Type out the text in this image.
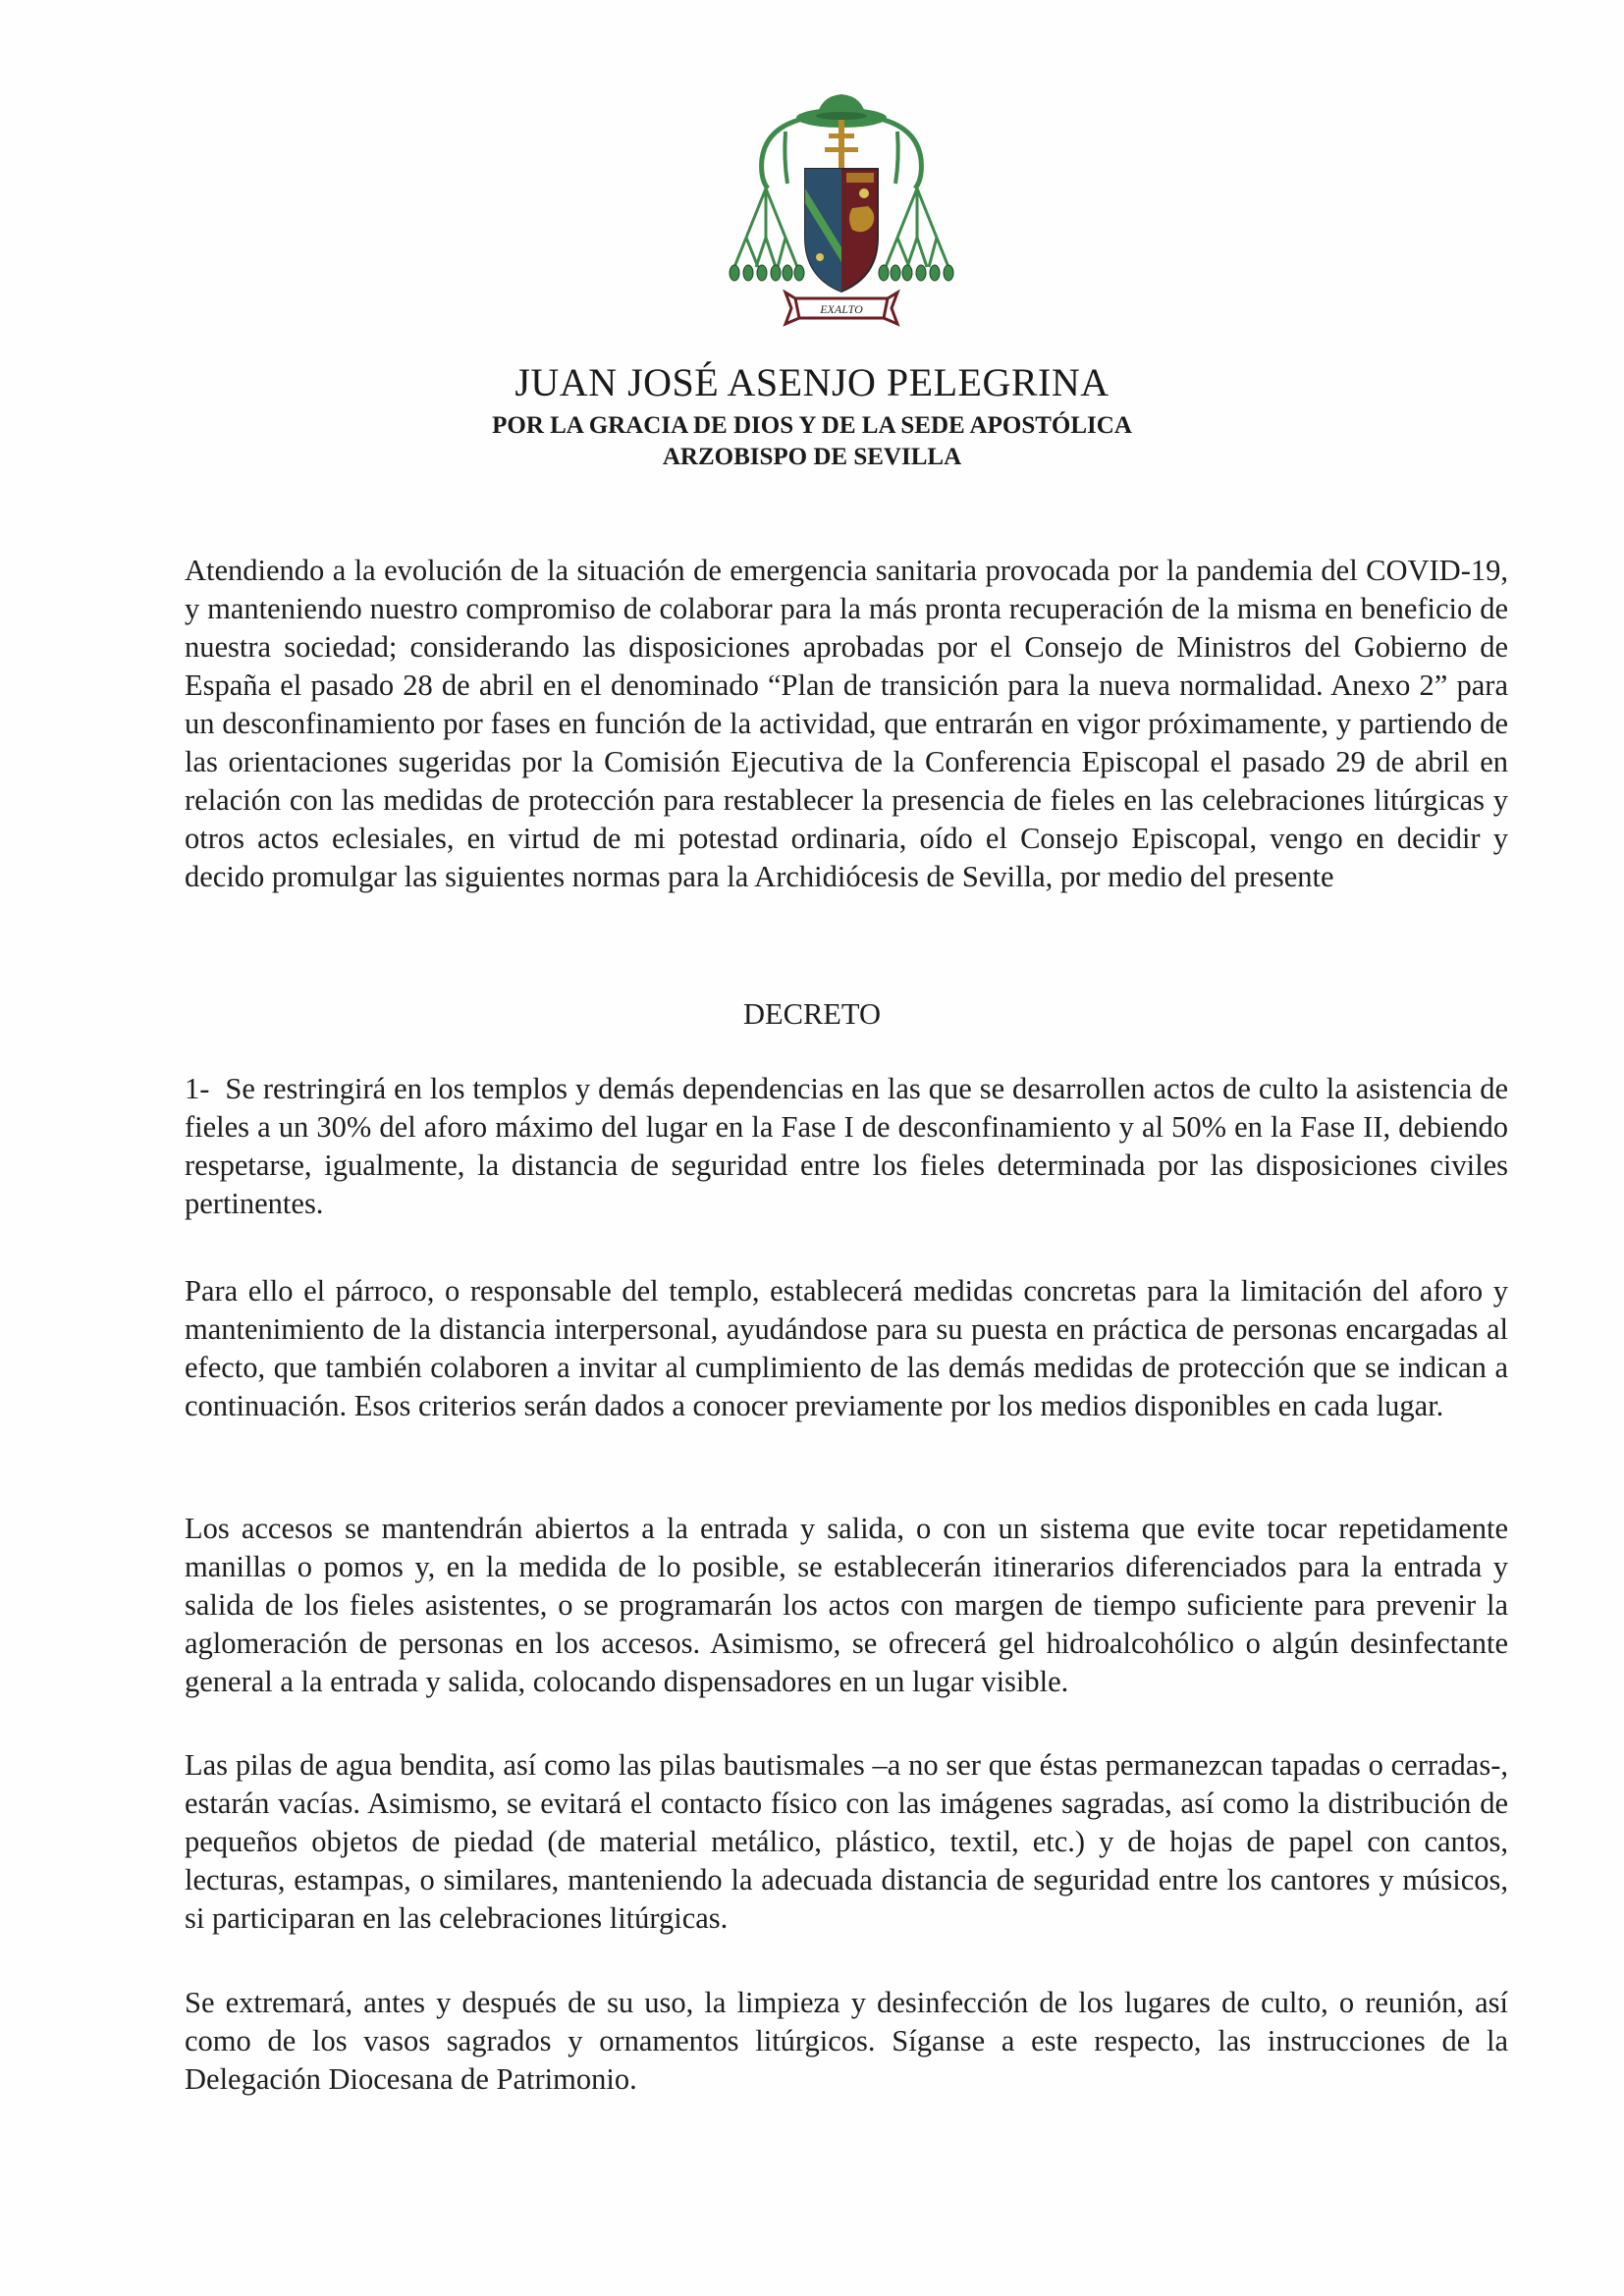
EXALTO
JUAN JOSÉ ASENJO PELEGRINA
POR LA GRACIA DE DIOS Y DE LA SEDE APOSTÓLICA
ARZOBISPO DE SEVILLA

Atendiendo a la evolución de la situación de emergencia sanitaria provocada por la pandemia del COVID-19, y manteniendo nuestro compromiso de colaborar para la más pronta recuperación de la misma en beneficio de nuestra sociedad; considerando las disposiciones aprobadas por el Consejo de Ministros del Gobierno de España el pasado 28 de abril en el denominado “Plan de transición para la nueva normalidad. Anexo 2” para un desconfinamiento por fases en función de la actividad, que entrarán en vigor próximamente, y partiendo de las orientaciones sugeridas por la Comisión Ejecutiva de la Conferencia Episcopal el pasado 29 de abril en relación con las medidas de protección para restablecer la presencia de fieles en las celebraciones litúrgicas y otros actos eclesiales, en virtud de mi potestad ordinaria, oído el Consejo Episcopal, vengo en decidir y decido promulgar las siguientes normas para la Archidiócesis de Sevilla, por medio del presente

DECRETO

1- Se restringirá en los templos y demás dependencias en las que se desarrollen actos de culto la asistencia de fieles a un 30% del aforo máximo del lugar en la Fase I de desconfinamiento y al 50% en la Fase II, debiendo respetarse, igualmente, la distancia de seguridad entre los fieles determinada por las disposiciones civiles pertinentes.

Para ello el párroco, o responsable del templo, establecerá medidas concretas para la limitación del aforo y mantenimiento de la distancia interpersonal, ayudándose para su puesta en práctica de personas encargadas al efecto, que también colaboren a invitar al cumplimiento de las demás medidas de protección que se indican a continuación. Esos criterios serán dados a conocer previamente por los medios disponibles en cada lugar.

Los accesos se mantendrán abiertos a la entrada y salida, o con un sistema que evite tocar repetidamente manillas o pomos y, en la medida de lo posible, se establecerán itinerarios diferenciados para la entrada y salida de los fieles asistentes, o se programarán los actos con margen de tiempo suficiente para prevenir la aglomeración de personas en los accesos. Asimismo, se ofrecerá gel hidroalcohólico o algún desinfectante general a la entrada y salida, colocando dispensadores en un lugar visible.

Las pilas de agua bendita, así como las pilas bautismales –a no ser que éstas permanezcan tapadas o cerradas-, estarán vacías. Asimismo, se evitará el contacto físico con las imágenes sagradas, así como la distribución de pequeños objetos de piedad (de material metálico, plástico, textil, etc.) y de hojas de papel con cantos, lecturas, estampas, o similares, manteniendo la adecuada distancia de seguridad entre los cantores y músicos, si participaran en las celebraciones litúrgicas.

Se extremará, antes y después de su uso, la limpieza y desinfección de los lugares de culto, o reunión, así como de los vasos sagrados y ornamentos litúrgicos. Síganse a este respecto, las instrucciones de la Delegación Diocesana de Patrimonio.
